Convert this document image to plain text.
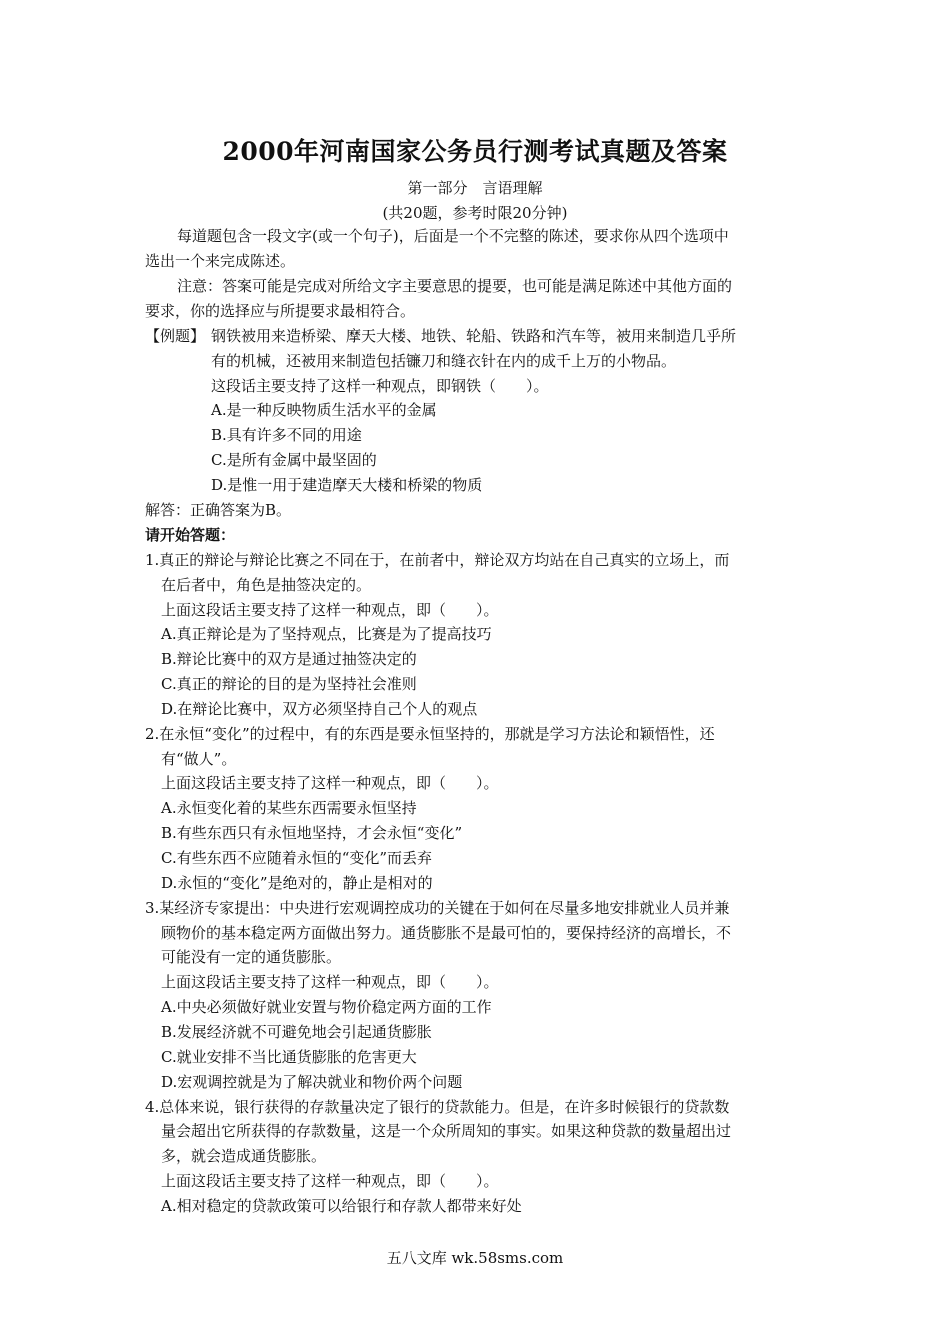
2000年河南国家公务员行测考试真题及答案
第一部分　言语理解
(共20题，参考时限20分钟)
每道题包含一段文字(或一个句子)，后面是一个不完整的陈述，要求你从四个选项中
选出一个来完成陈述。
注意：答案可能是完成对所给文字主要意思的提要，也可能是满足陈述中其他方面的
要求，你的选择应与所提要求最相符合。
【例题】 钢铁被用来造桥梁、摩天大楼、地铁、轮船、铁路和汽车等，被用来制造几乎所
有的机械，还被用来制造包括镰刀和缝衣针在内的成千上万的小物品。
这段话主要支持了这样一种观点，即钢铁（　　）。
A.是一种反映物质生活水平的金属
B.具有许多不同的用途
C.是所有金属中最坚固的
D.是惟一用于建造摩天大楼和桥梁的物质
解答：正确答案为B。
请开始答题：
1.真正的辩论与辩论比赛之不同在于，在前者中，辩论双方均站在自己真实的立场上，而
在后者中，角色是抽签决定的。
上面这段话主要支持了这样一种观点，即（　　）。
A.真正辩论是为了坚持观点，比赛是为了提高技巧
B.辩论比赛中的双方是通过抽签决定的
C.真正的辩论的目的是为坚持社会准则
D.在辩论比赛中，双方必须坚持自己个人的观点
2.在永恒“变化”的过程中，有的东西是要永恒坚持的，那就是学习方法论和颖悟性，还
有“做人”。
上面这段话主要支持了这样一种观点，即（　　）。
A.永恒变化着的某些东西需要永恒坚持
B.有些东西只有永恒地坚持，才会永恒“变化”
C.有些东西不应随着永恒的“变化”而丢弃
D.永恒的“变化”是绝对的，静止是相对的
3.某经济专家提出：中央进行宏观调控成功的关键在于如何在尽量多地安排就业人员并兼
顾物价的基本稳定两方面做出努力。通货膨胀不是最可怕的，要保持经济的高增长，不
可能没有一定的通货膨胀。
上面这段话主要支持了这样一种观点，即（　　）。
A.中央必须做好就业安置与物价稳定两方面的工作
B.发展经济就不可避免地会引起通货膨胀
C.就业安排不当比通货膨胀的危害更大
D.宏观调控就是为了解决就业和物价两个问题
4.总体来说，银行获得的存款量决定了银行的贷款能力。但是，在许多时候银行的贷款数
量会超出它所获得的存款数量，这是一个众所周知的事实。如果这种贷款的数量超出过
多，就会造成通货膨胀。
上面这段话主要支持了这样一种观点，即（　　）。
A.相对稳定的贷款政策可以给银行和存款人都带来好处
五八文库 wk.58sms.com
